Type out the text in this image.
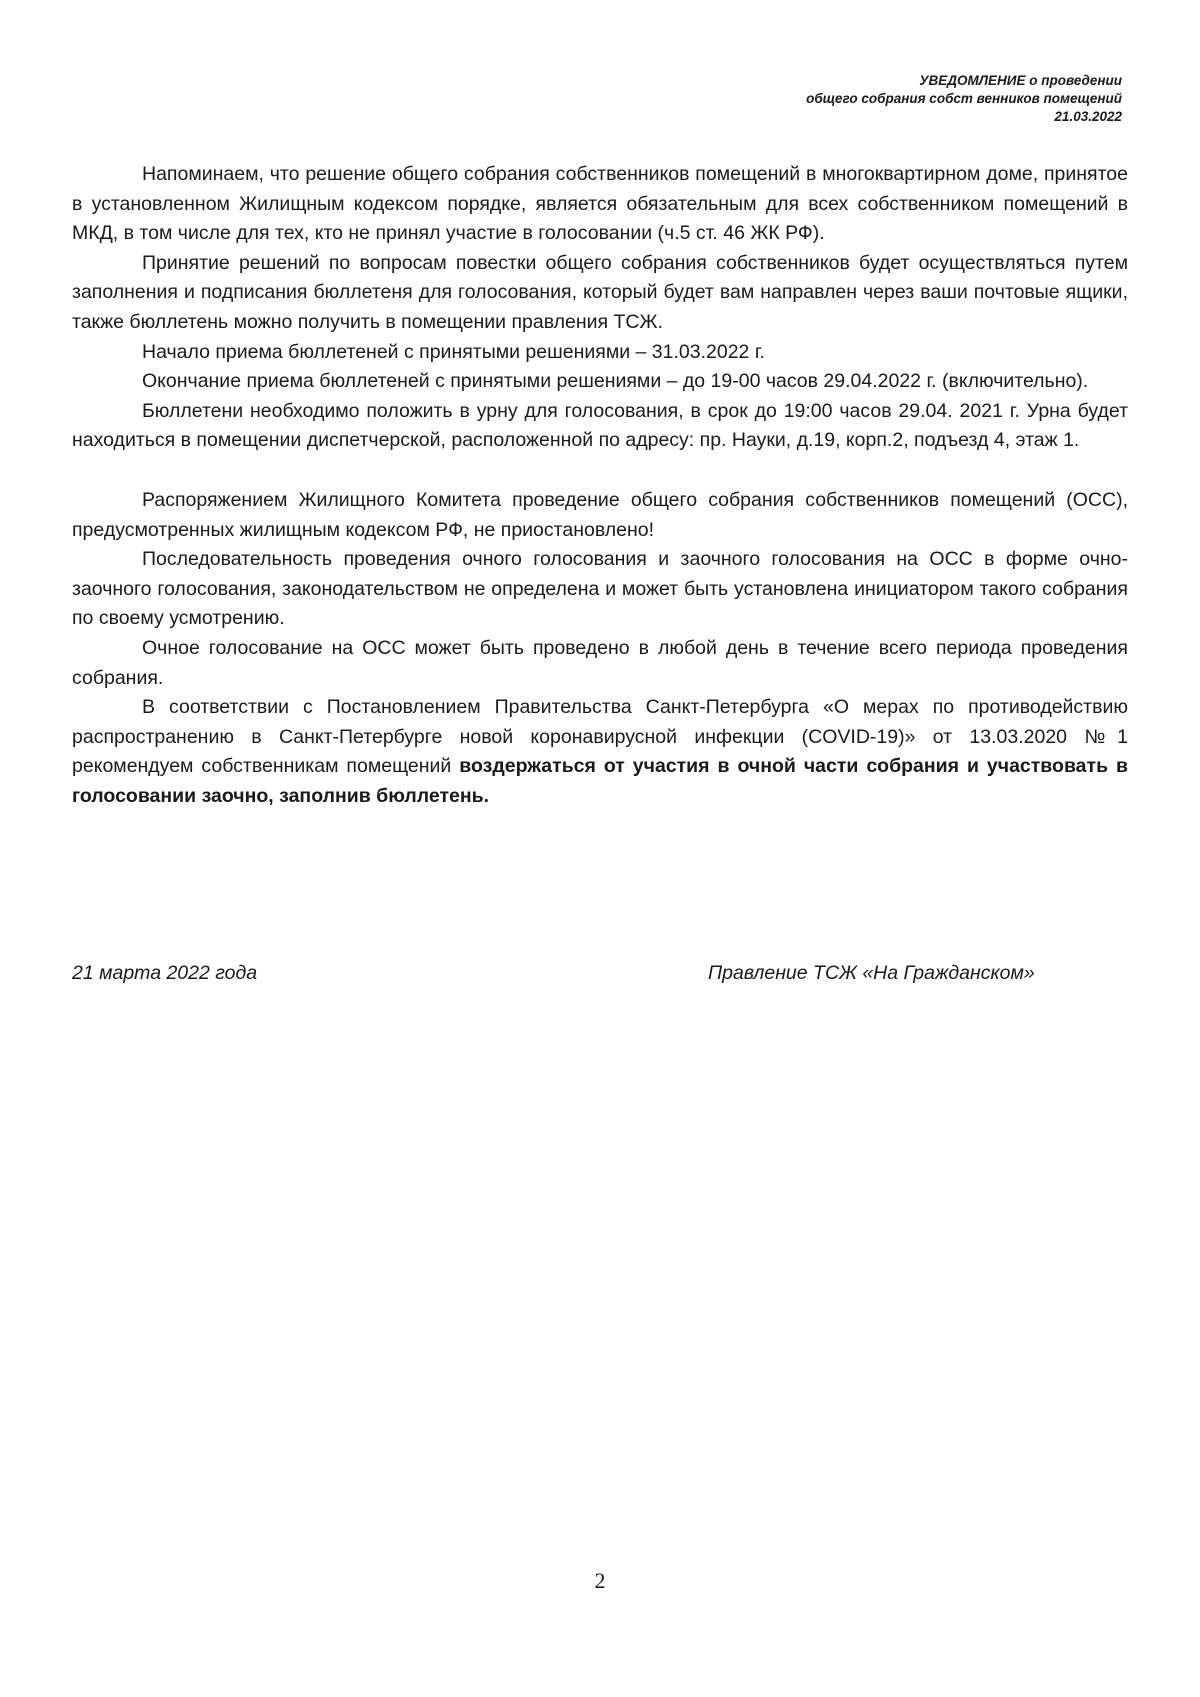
УВЕДОМЛЕНИЕ о проведении
общего собрания собст венников помещений
21.03.2022

Напоминаем, что решение общего собрания собственников помещений в многоквартирном доме, принятое в установленном Жилищным кодексом порядке, является обязательным для всех собственником помещений в МКД, в том числе для тех, кто не принял участие в голосовании (ч.5 ст. 46 ЖК РФ).

Принятие решений по вопросам повестки общего собрания собственников будет осуществляться путем заполнения и подписания бюллетеня для голосования, который будет вам направлен через ваши почтовые ящики, также бюллетень можно получить в помещении правления ТСЖ.

Начало приема бюллетеней с принятыми решениями – 31.03.2022 г.

Окончание приема бюллетеней с принятыми решениями – до 19-00 часов 29.04.2022 г. (включительно).

Бюллетени необходимо положить в урну для голосования, в срок до 19:00 часов 29.04. 2021 г. Урна будет находиться в помещении диспетчерской, расположенной по адресу: пр. Науки, д.19, корп.2, подъезд 4, этаж 1.

Распоряжением Жилищного Комитета проведение общего собрания собственников помещений (ОСС), предусмотренных жилищным кодексом РФ, не приостановлено!

Последовательность проведения очного голосования и заочного голосования на ОСС в форме очно-заочного голосования, законодательством не определена и может быть установлена инициатором такого собрания по своему усмотрению.

Очное голосование на ОСС может быть проведено в любой день в течение всего периода проведения собрания.

В соответствии с Постановлением Правительства Санкт-Петербурга «О мерах по противодействию распространению в Санкт-Петербурге новой коронавирусной инфекции (COVID-19)» от 13.03.2020 №1 рекомендуем собственникам помещений воздержаться от участия в очной части собрания и участвовать в голосовании заочно, заполнив бюллетень.

21 марта 2022 года	Правление ТСЖ «На Гражданском»
2
